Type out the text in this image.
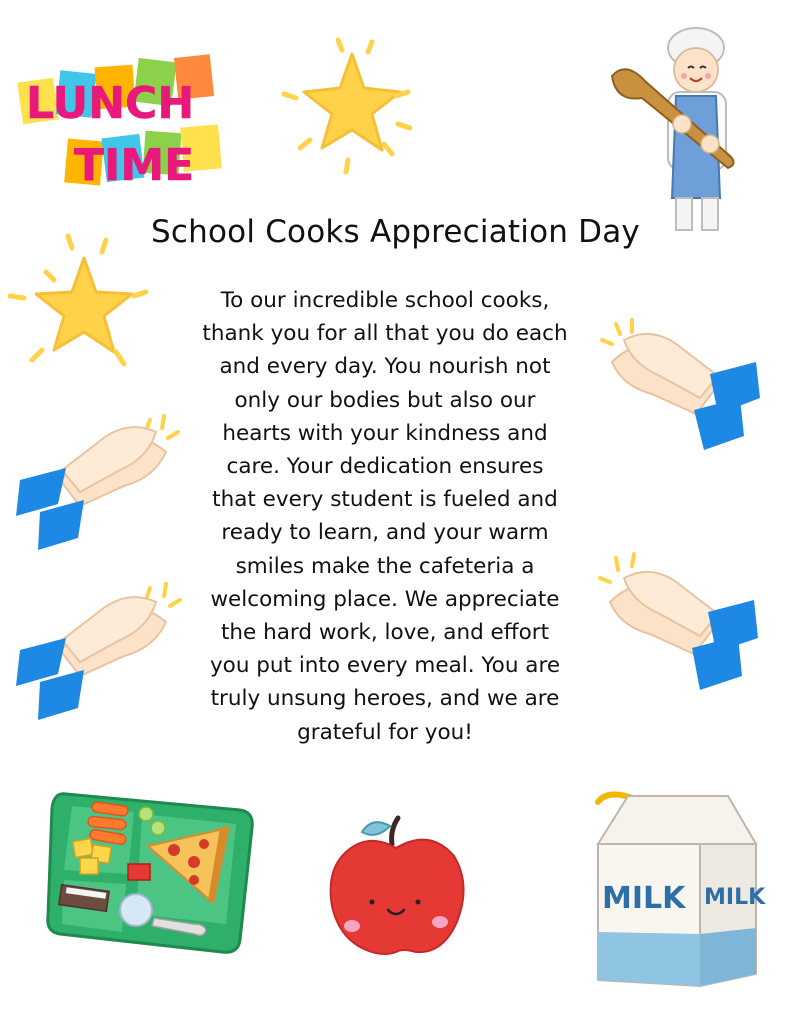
LUNCH TIME
School Cooks Appreciation Day
To our incredible school cooks,
thank you for all that you do each
and every day. You nourish not
only our bodies but also our
hearts with your kindness and
care. Your dedication ensures
that every student is fueled and
ready to learn, and your warm
smiles make the cafeteria a
welcoming place. We appreciate
the hard work, love, and effort
you put into every meal. You are
truly unsung heroes, and we are
grateful for you!
MILK MILK
